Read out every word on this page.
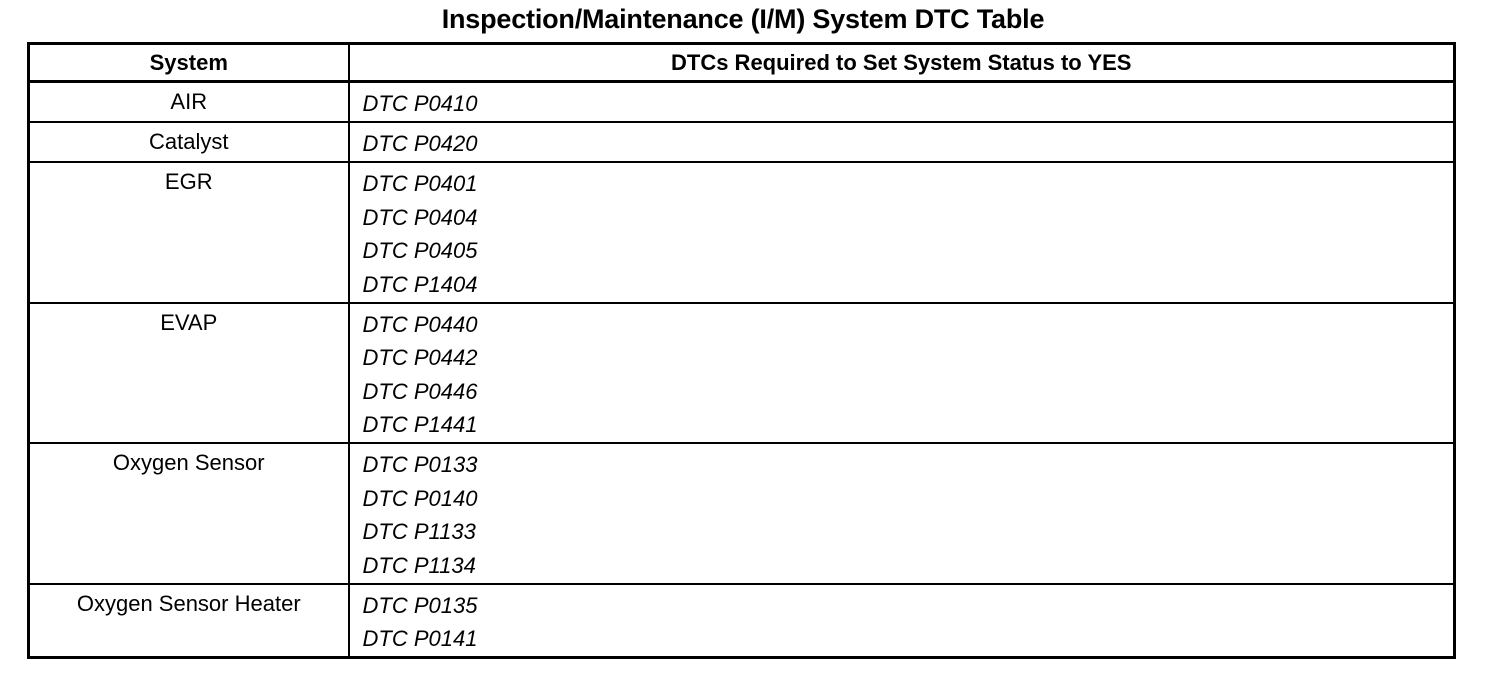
Inspection/Maintenance (I/M) System DTC Table
System	DTCs Required to Set System Status to YES
AIR	DTC P0410

Catalyst	DTC P0420

EGR	DTC P0401
DTC P0404
DTC P0405
DTC P1404

EVAP	DTC P0440
DTC P0442
DTC P0446
DTC P1441

Oxygen Sensor	DTC P0133
DTC P0140
DTC P1133
DTC P1134

Oxygen Sensor Heater	DTC P0135
DTC P0141
